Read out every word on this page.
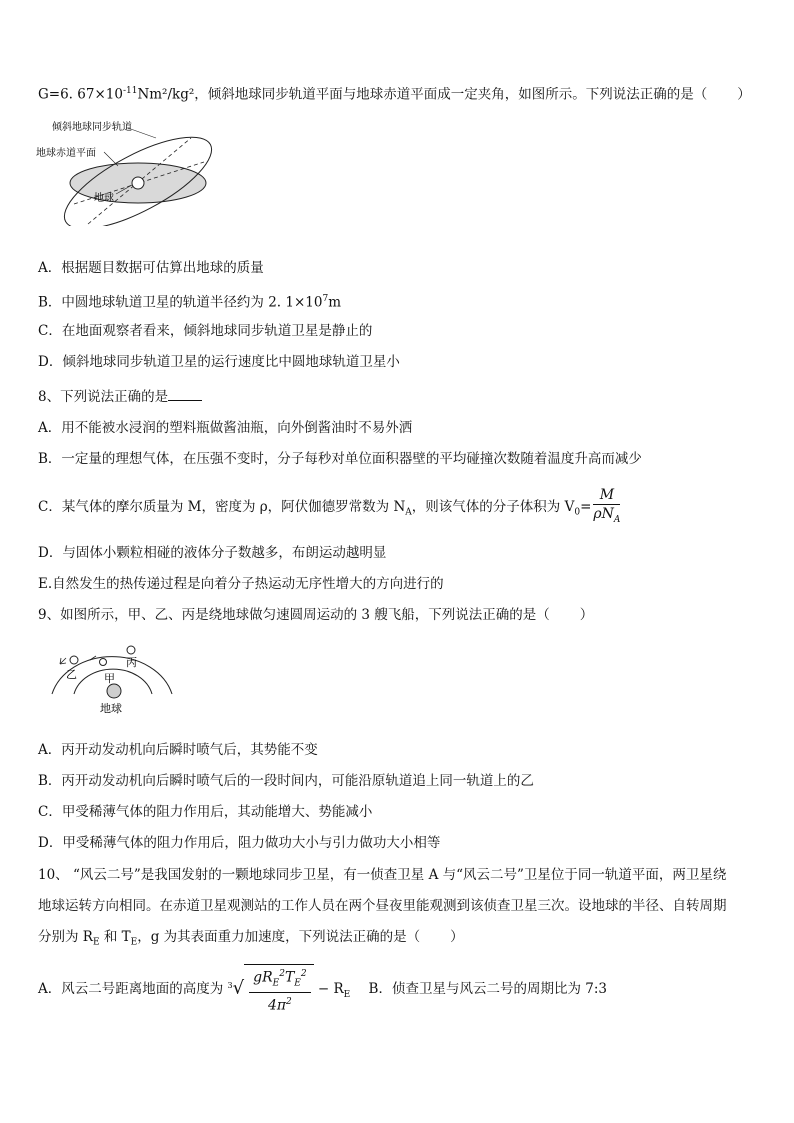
G=6. $67\times 10^{-11}Nm^2$/kg²，倾斜地球同步轨道平面与地球赤道平面成一定夹角，如图所示。下列说法正确的是（ ）
倾斜地球同步轨道
地球赤道平面
地球
A．根据题目数据可估算出地球的质量
B．中圆地球轨道卫星的轨道半径约为 2. $1\times 10^7m$
C．在地面观察者看来，倾斜地球同步轨道卫星是静止的
D．倾斜地球同步轨道卫星的运行速度比中圆地球轨道卫星小
8、下列说法正确的是
A．用不能被水浸润的塑料瓶做酱油瓶，向外倒酱油时不易外洒
B．一定量的理想气体，在压强不变时，分子每秒对单位面积器壁的平均碰撞次数随着温度升高而减少
C．某气体的摩尔质量为 M，密度为 ρ，阿伏伽德罗常数为 $N_A$，则该气体的分子体积为 $V_0= \frac{M}{\rho N_A}$
D．与固体小颗粒相碰的液体分子数越多，布朗运动越明显
E.自然发生的热传递过程是向着分子热运动无序性增大的方向进行的
9、如图所示，甲、乙、丙是绕地球做匀速圆周运动的 3 艘飞船，下列说法正确的是（ ）
乙 甲
丙
地球
A．丙开动发动机向后瞬时喷气后，其势能不变
B．丙开动发动机向后瞬时喷气后的一段时间内，可能沿原轨道追上同一轨道上的乙
C．甲受稀薄气体的阻力作用后，其动能增大、势能减小
D．甲受稀薄气体的阻力作用后，阻力做功大小与引力做功大小相等
10、 “风云二号”是我国发射的一颗地球同步卫星，有一侦查卫星 A 与“风云二号”卫星位于同一轨道平面，两卫星绕
地球运转方向相同。在赤道卫星观测站的工作人员在两个昼夜里能观测到该侦查卫星三次。设地球的半径、自转周期
分别为 $R_E$ 和 $T_E$，g 为其表面重力加速度，下列说法正确的是（ ）
A．风云二号距离地面的高度为 $^3√ \frac{gR_E^2T_E^2}{4\pi^2} - R_E$ B．侦查卫星与风云二号的周期比为 7:3
